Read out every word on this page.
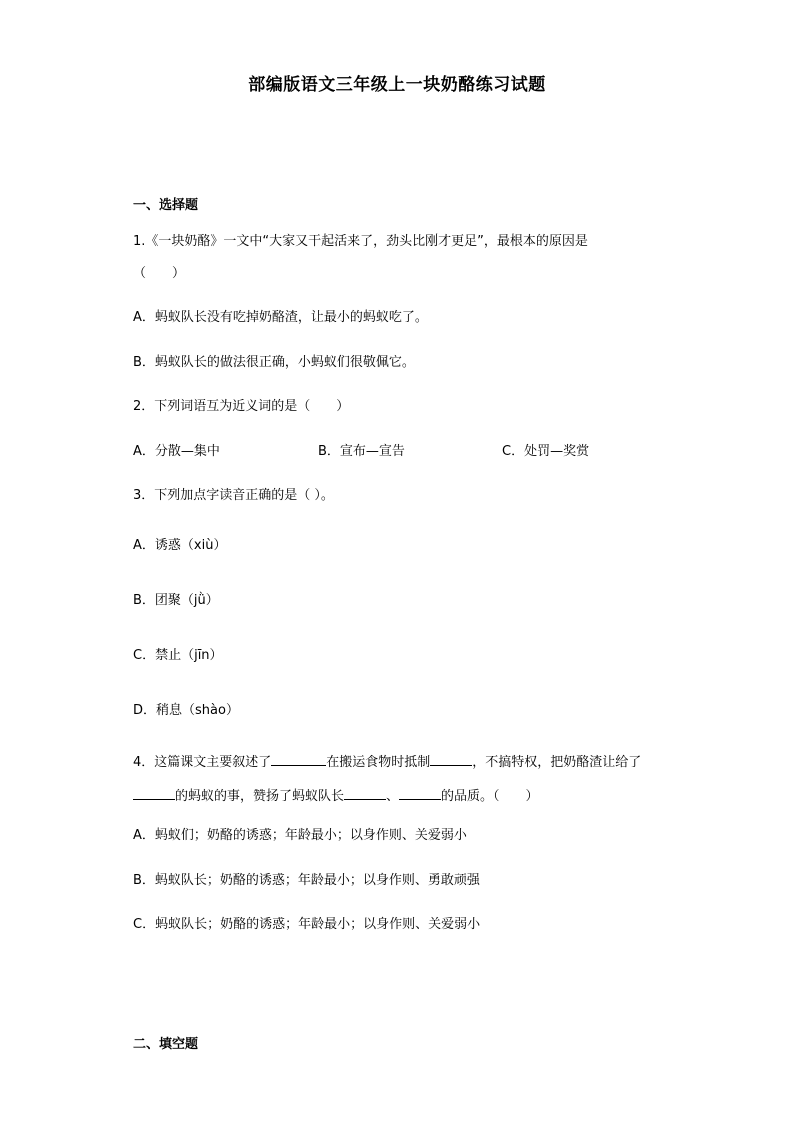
部编版语文三年级上一块奶酪练习试题
一、选择题
1.《一块奶酪》一文中“大家又干起活来了，劲头比刚才更足”，最根本的原因是
（　　）
A．蚂蚁队长没有吃掉奶酪渣，让最小的蚂蚁吃了。
B．蚂蚁队长的做法很正确，小蚂蚁们很敬佩它。
2．下列词语互为近义词的是（　　）
A．分散—集中	B．宣布—宣告	C．处罚—奖赏
3．下列加点字读音正确的是（ ）。
A．诱惑（xiù）
B．团聚（jǜ）
C．禁止（jīn）
D．稍息（shào）
4．这篇课文主要叙述了	在搬运食物时抵制	，不搞特权，把奶酪渣让给了
的蚂蚁的事，赞扬了蚂蚁队长	、	的品质。（　　）
A．蚂蚁们；奶酪的诱惑；年龄最小；以身作则、关爱弱小
B．蚂蚁队长；奶酪的诱惑；年龄最小；以身作则、勇敢顽强
C．蚂蚁队长；奶酪的诱惑；年龄最小；以身作则、关爱弱小
二、填空题
